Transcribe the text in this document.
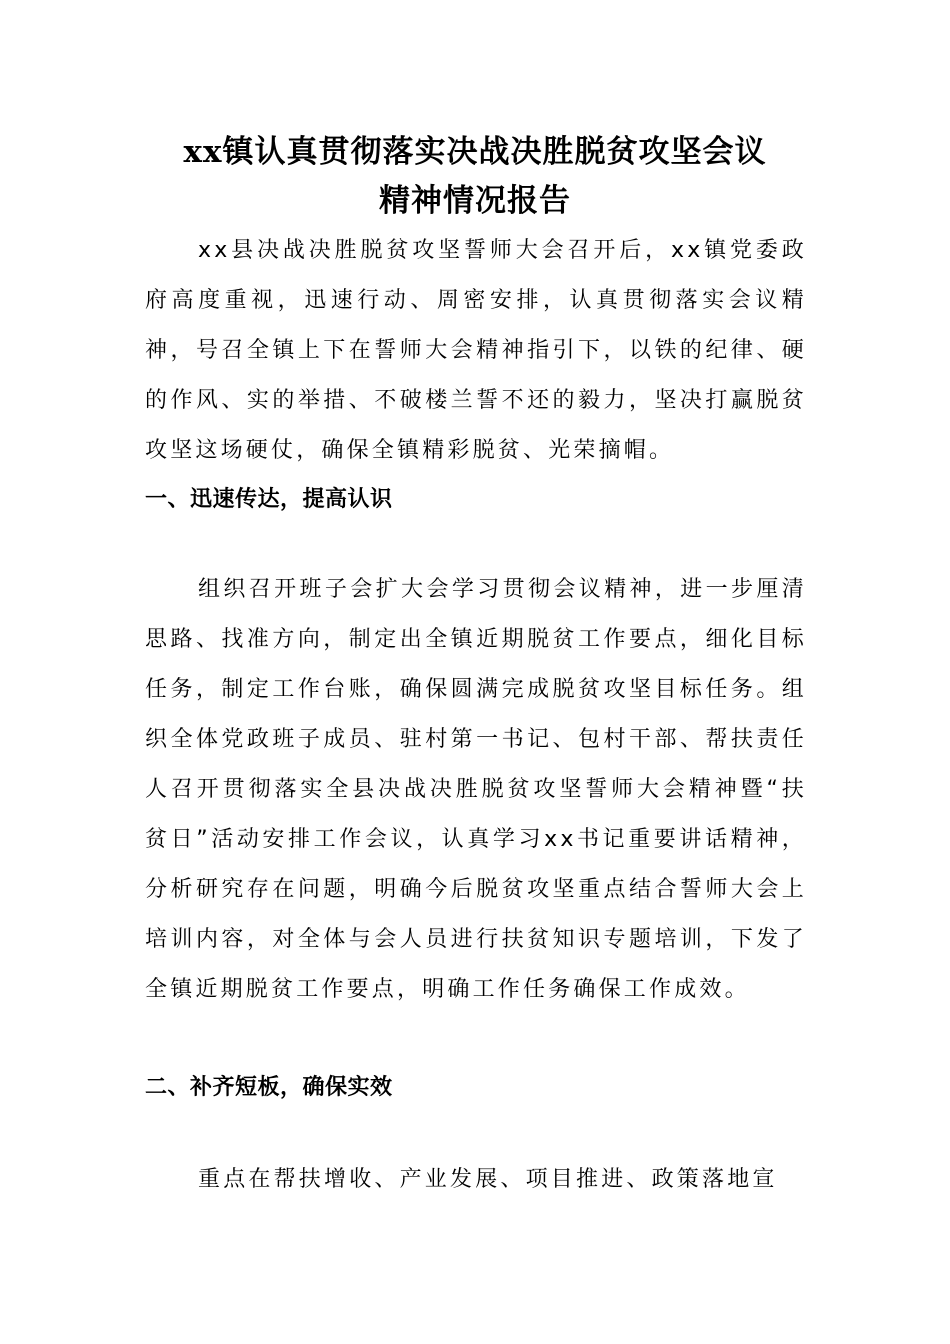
xx镇认真贯彻落实决战决胜脱贫攻坚会议
精神情况报告

xx县决战决胜脱贫攻坚誓师大会召开后，xx镇党委政府高度重视，迅速行动、周密安排，认真贯彻落实会议精神，号召全镇上下在誓师大会精神指引下，以铁的纪律、硬的作风、实的举措、不破楼兰誓不还的毅力，坚决打赢脱贫攻坚这场硬仗，确保全镇精彩脱贫、光荣摘帽。

一、迅速传达，提高认识

组织召开班子会扩大会学习贯彻会议精神，进一步厘清思路、找准方向，制定出全镇近期脱贫工作要点，细化目标任务，制定工作台账，确保圆满完成脱贫攻坚目标任务。组织全体党政班子成员、驻村第一书记、包村干部、帮扶责任人召开贯彻落实全县决战决胜脱贫攻坚誓师大会精神暨“扶贫日”活动安排工作会议，认真学习xx书记重要讲话精神，分析研究存在问题，明确今后脱贫攻坚重点结合誓师大会上培训内容，对全体与会人员进行扶贫知识专题培训，下发了全镇近期脱贫工作要点，明确工作任务确保工作成效。

二、补齐短板，确保实效

重点在帮扶增收、产业发展、项目推进、政策落地宣
